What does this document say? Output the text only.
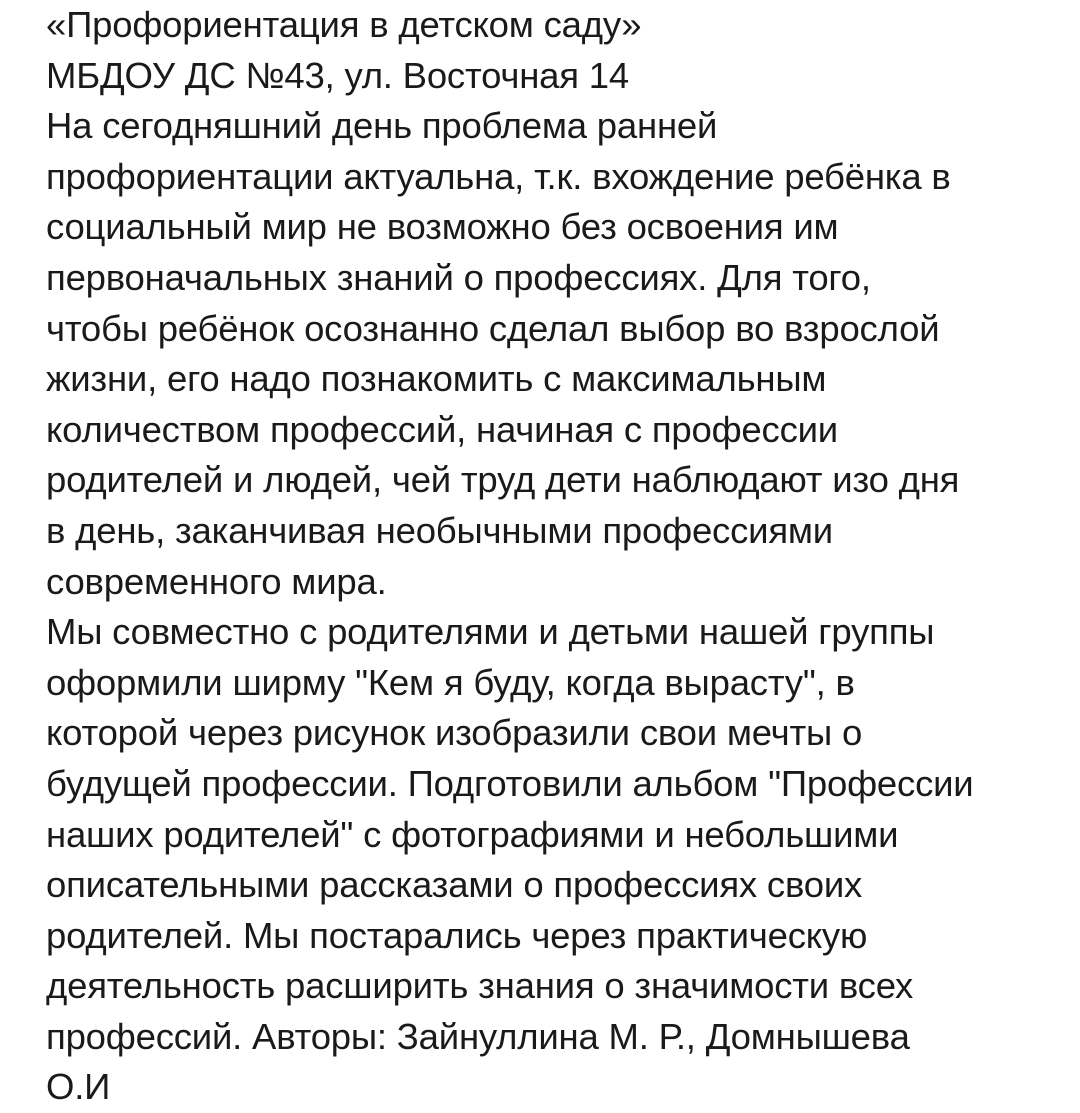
«Профориентация в детском саду»
МБДОУ ДС №43, ул. Восточная 14
На сегодняшний день проблема ранней
профориентации актуальна, т.к. вхождение ребёнка в
социальный мир не возможно без освоения им
первоначальных знаний о профессиях. Для того,
чтобы ребёнок осознанно сделал выбор во взрослой
жизни, его надо познакомить с максимальным
количеством профессий, начиная с профессии
родителей и людей, чей труд дети наблюдают изо дня
в день, заканчивая необычными профессиями
современного мира.
Мы совместно с родителями и детьми нашей группы
оформили ширму "Кем я буду, когда вырасту", в
которой через рисунок изобразили свои мечты о
будущей профессии. Подготовили альбом "Профессии
наших родителей" с фотографиями и небольшими
описательными рассказами о профессиях своих
родителей. Мы постарались через практическую
деятельность расширить знания о значимости всех
профессий. Авторы: Зайнуллина М. Р., Домнышева
О.И
